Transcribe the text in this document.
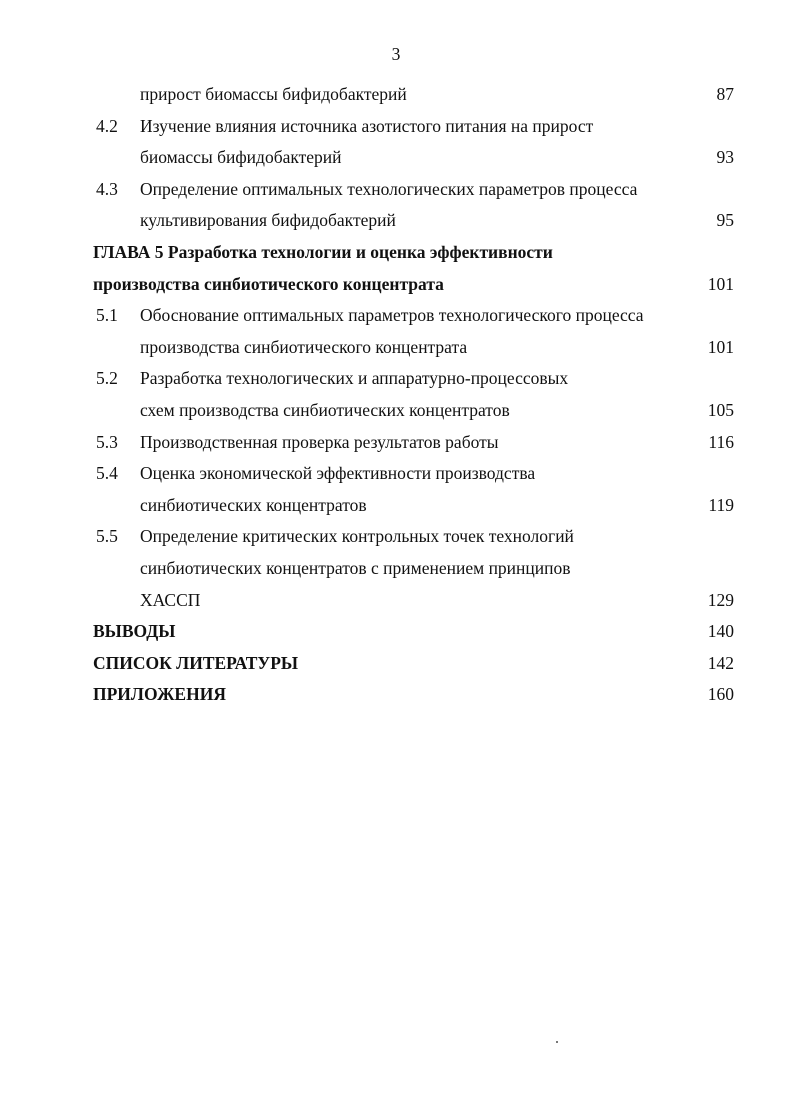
3
прирост биомассы бифидобактерий	87
4.2 Изучение влияния источника азотистого питания на прирост
биомассы бифидобактерий	93
4.3 Определение оптимальных технологических параметров процесса
культивирования бифидобактерий	95
ГЛАВА 5 Разработка технологии и оценка эффективности
производства синбиотического концентрата	101
5.1 Обоснование оптимальных параметров технологического процесса
производства синбиотического концентрата	101
5.2 Разработка технологических и аппаратурно-процессовых
схем производства синбиотических концентратов	105
5.3 Производственная проверка результатов работы	116
5.4 Оценка экономической эффективности производства
синбиотических концентратов	119
5.5 Определение критических контрольных точек технологий
синбиотических концентратов с применением принципов
ХАССП	129
ВЫВОДЫ	140
СПИСОК ЛИТЕРАТУРЫ	142
ПРИЛОЖЕНИЯ	160
